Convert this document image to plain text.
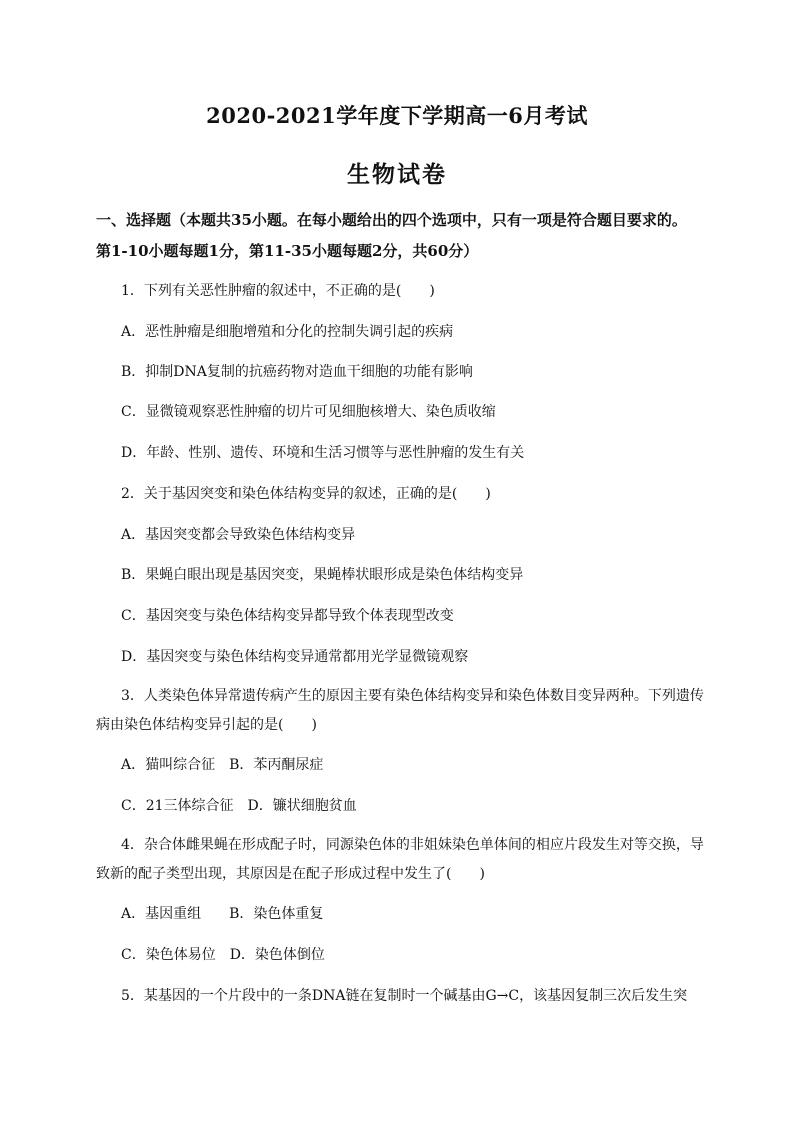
2020-2021学年度下学期高一6月考试
生物试卷

一、选择题（本题共35小题。在每小题给出的四个选项中，只有一项是符合题目要求的。第1-10小题每题1分，第11-35小题每题2分，共60分）

1．下列有关恶性肿瘤的叙述中，不正确的是(　　)

A．恶性肿瘤是细胞增殖和分化的控制失调引起的疾病

B．抑制DNA复制的抗癌药物对造血干细胞的功能有影响

C．显微镜观察恶性肿瘤的切片可见细胞核增大、染色质收缩

D．年龄、性别、遗传、环境和生活习惯等与恶性肿瘤的发生有关

2．关于基因突变和染色体结构变异的叙述，正确的是(　　)

A．基因突变都会导致染色体结构变异

B．果蝇白眼出现是基因突变，果蝇棒状眼形成是染色体结构变异

C．基因突变与染色体结构变异都导致个体表现型改变

D．基因突变与染色体结构变异通常都用光学显微镜观察

3．人类染色体异常遗传病产生的原因主要有染色体结构变异和染色体数目变异两种。下列遗传

病由染色体结构变异引起的是(　　)

A．猫叫综合征　B．苯丙酮尿症

C．21三体综合征　D．镰状细胞贫血

4．杂合体雌果蝇在形成配子时，同源染色体的非姐妹染色单体间的相应片段发生对等交换，导

致新的配子类型出现，其原因是在配子形成过程中发生了(　　)

A．基因重组　　B．染色体重复

C．染色体易位　D．染色体倒位

5．某基因的一个片段中的一条DNA链在复制时一个碱基由G→C，该基因复制三次后发生突
